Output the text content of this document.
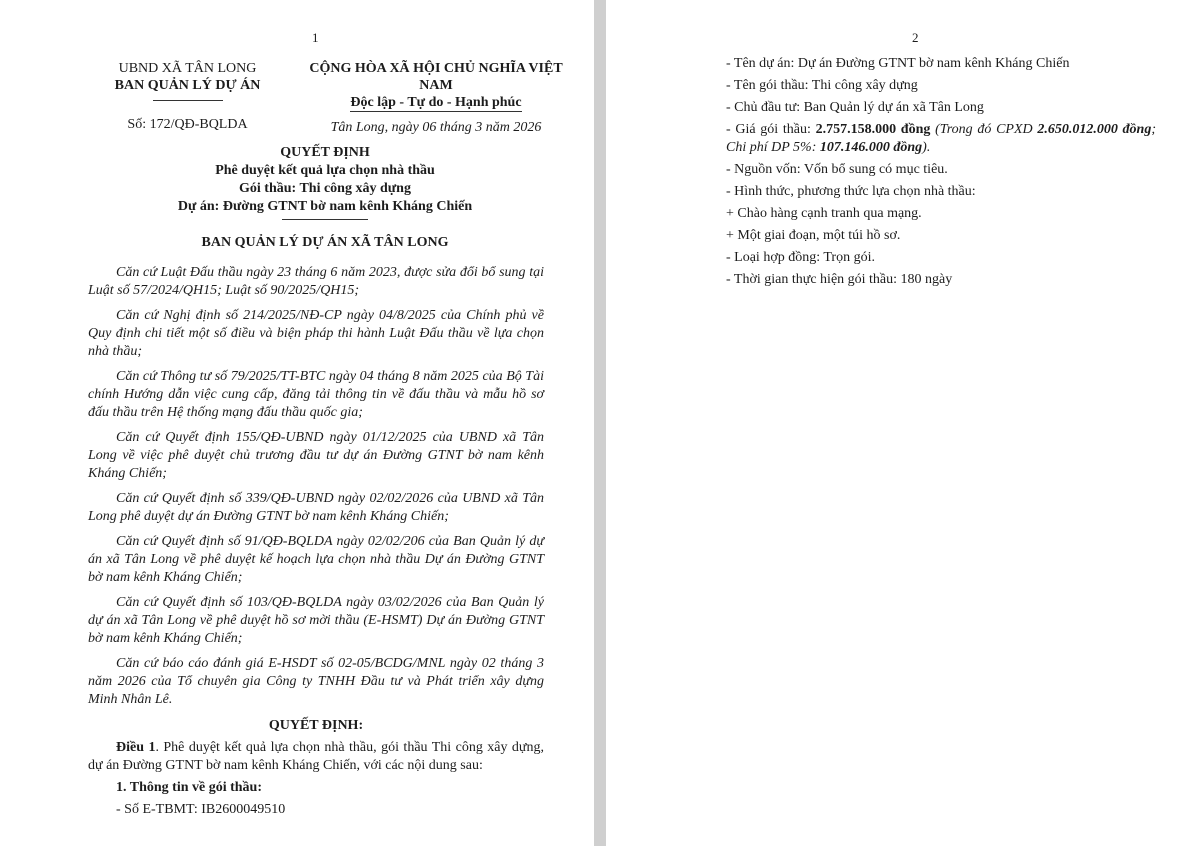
1
UBND XÃ TÂN LONG
BAN QUẢN LÝ DỰ ÁN
Số: 172/QĐ-BQLDA
CỘNG HÒA XÃ HỘI CHỦ NGHĨA VIỆT NAM
Độc lập - Tự do - Hạnh phúc
Tân Long, ngày 06 tháng 3 năm 2026
QUYẾT ĐỊNH
Phê duyệt kết quả lựa chọn nhà thầu
Gói thầu: Thi công xây dựng
Dự án: Đường GTNT bờ nam kênh Kháng Chiến
BAN QUẢN LÝ DỰ ÁN XÃ TÂN LONG

Căn cứ Luật Đấu thầu ngày 23 tháng 6 năm 2023, được sửa đổi bổ sung tại Luật số 57/2024/QH15; Luật số 90/2025/QH15;

Căn cứ Nghị định số 214/2025/NĐ-CP ngày 04/8/2025 của Chính phủ về Quy định chi tiết một số điều và biện pháp thi hành Luật Đấu thầu về lựa chọn nhà thầu;

Căn cứ Thông tư số 79/2025/TT-BTC ngày 04 tháng 8 năm 2025 của Bộ Tài chính Hướng dẫn việc cung cấp, đăng tải thông tin về đấu thầu và mẫu hồ sơ đấu thầu trên Hệ thống mạng đấu thầu quốc gia;

Căn cứ Quyết định 155/QĐ-UBND ngày 01/12/2025 của UBND xã Tân Long về việc phê duyệt chủ trương đầu tư dự án Đường GTNT bờ nam kênh Kháng Chiến;

Căn cứ Quyết định số 339/QĐ-UBND ngày 02/02/2026 của UBND xã Tân Long phê duyệt dự án Đường GTNT bờ nam kênh Kháng Chiến;

Căn cứ Quyết định số 91/QĐ-BQLDA ngày 02/02/206 của Ban Quản lý dự án xã Tân Long về phê duyệt kế hoạch lựa chọn nhà thầu Dự án Đường GTNT bờ nam kênh Kháng Chiến;

Căn cứ Quyết định số 103/QĐ-BQLDA ngày 03/02/2026 của Ban Quản lý dự án xã Tân Long về phê duyệt hồ sơ mời thầu (E-HSMT) Dự án Đường GTNT bờ nam kênh Kháng Chiến;

Căn cứ báo cáo đánh giá E-HSDT số 02-05/BCDG/MNL ngày 02 tháng 3 năm 2026 của Tổ chuyên gia Công ty TNHH Đầu tư và Phát triển xây dựng Minh Nhân Lê.

QUYẾT ĐỊNH:
Điều 1. Phê duyệt kết quả lựa chọn nhà thầu, gói thầu Thi công xây dựng, dự án Đường GTNT bờ nam kênh Kháng Chiến, với các nội dung sau:
1. Thông tin về gói thầu:
- Số E-TBMT: IB2600049510
2
- Tên dự án: Dự án Đường GTNT bờ nam kênh Kháng Chiến
- Tên gói thầu: Thi công xây dựng
- Chủ đầu tư: Ban Quản lý dự án xã Tân Long
- Giá gói thầu: 2.757.158.000 đồng (Trong đó CPXD 2.650.012.000 đồng; Chi phí DP 5%: 107.146.000 đồng).
- Nguồn vốn: Vốn bổ sung có mục tiêu.
- Hình thức, phương thức lựa chọn nhà thầu:
+ Chào hàng cạnh tranh qua mạng.
+ Một giai đoạn, một túi hồ sơ.
- Loại hợp đồng: Trọn gói.
- Thời gian thực hiện gói thầu: 180 ngày
